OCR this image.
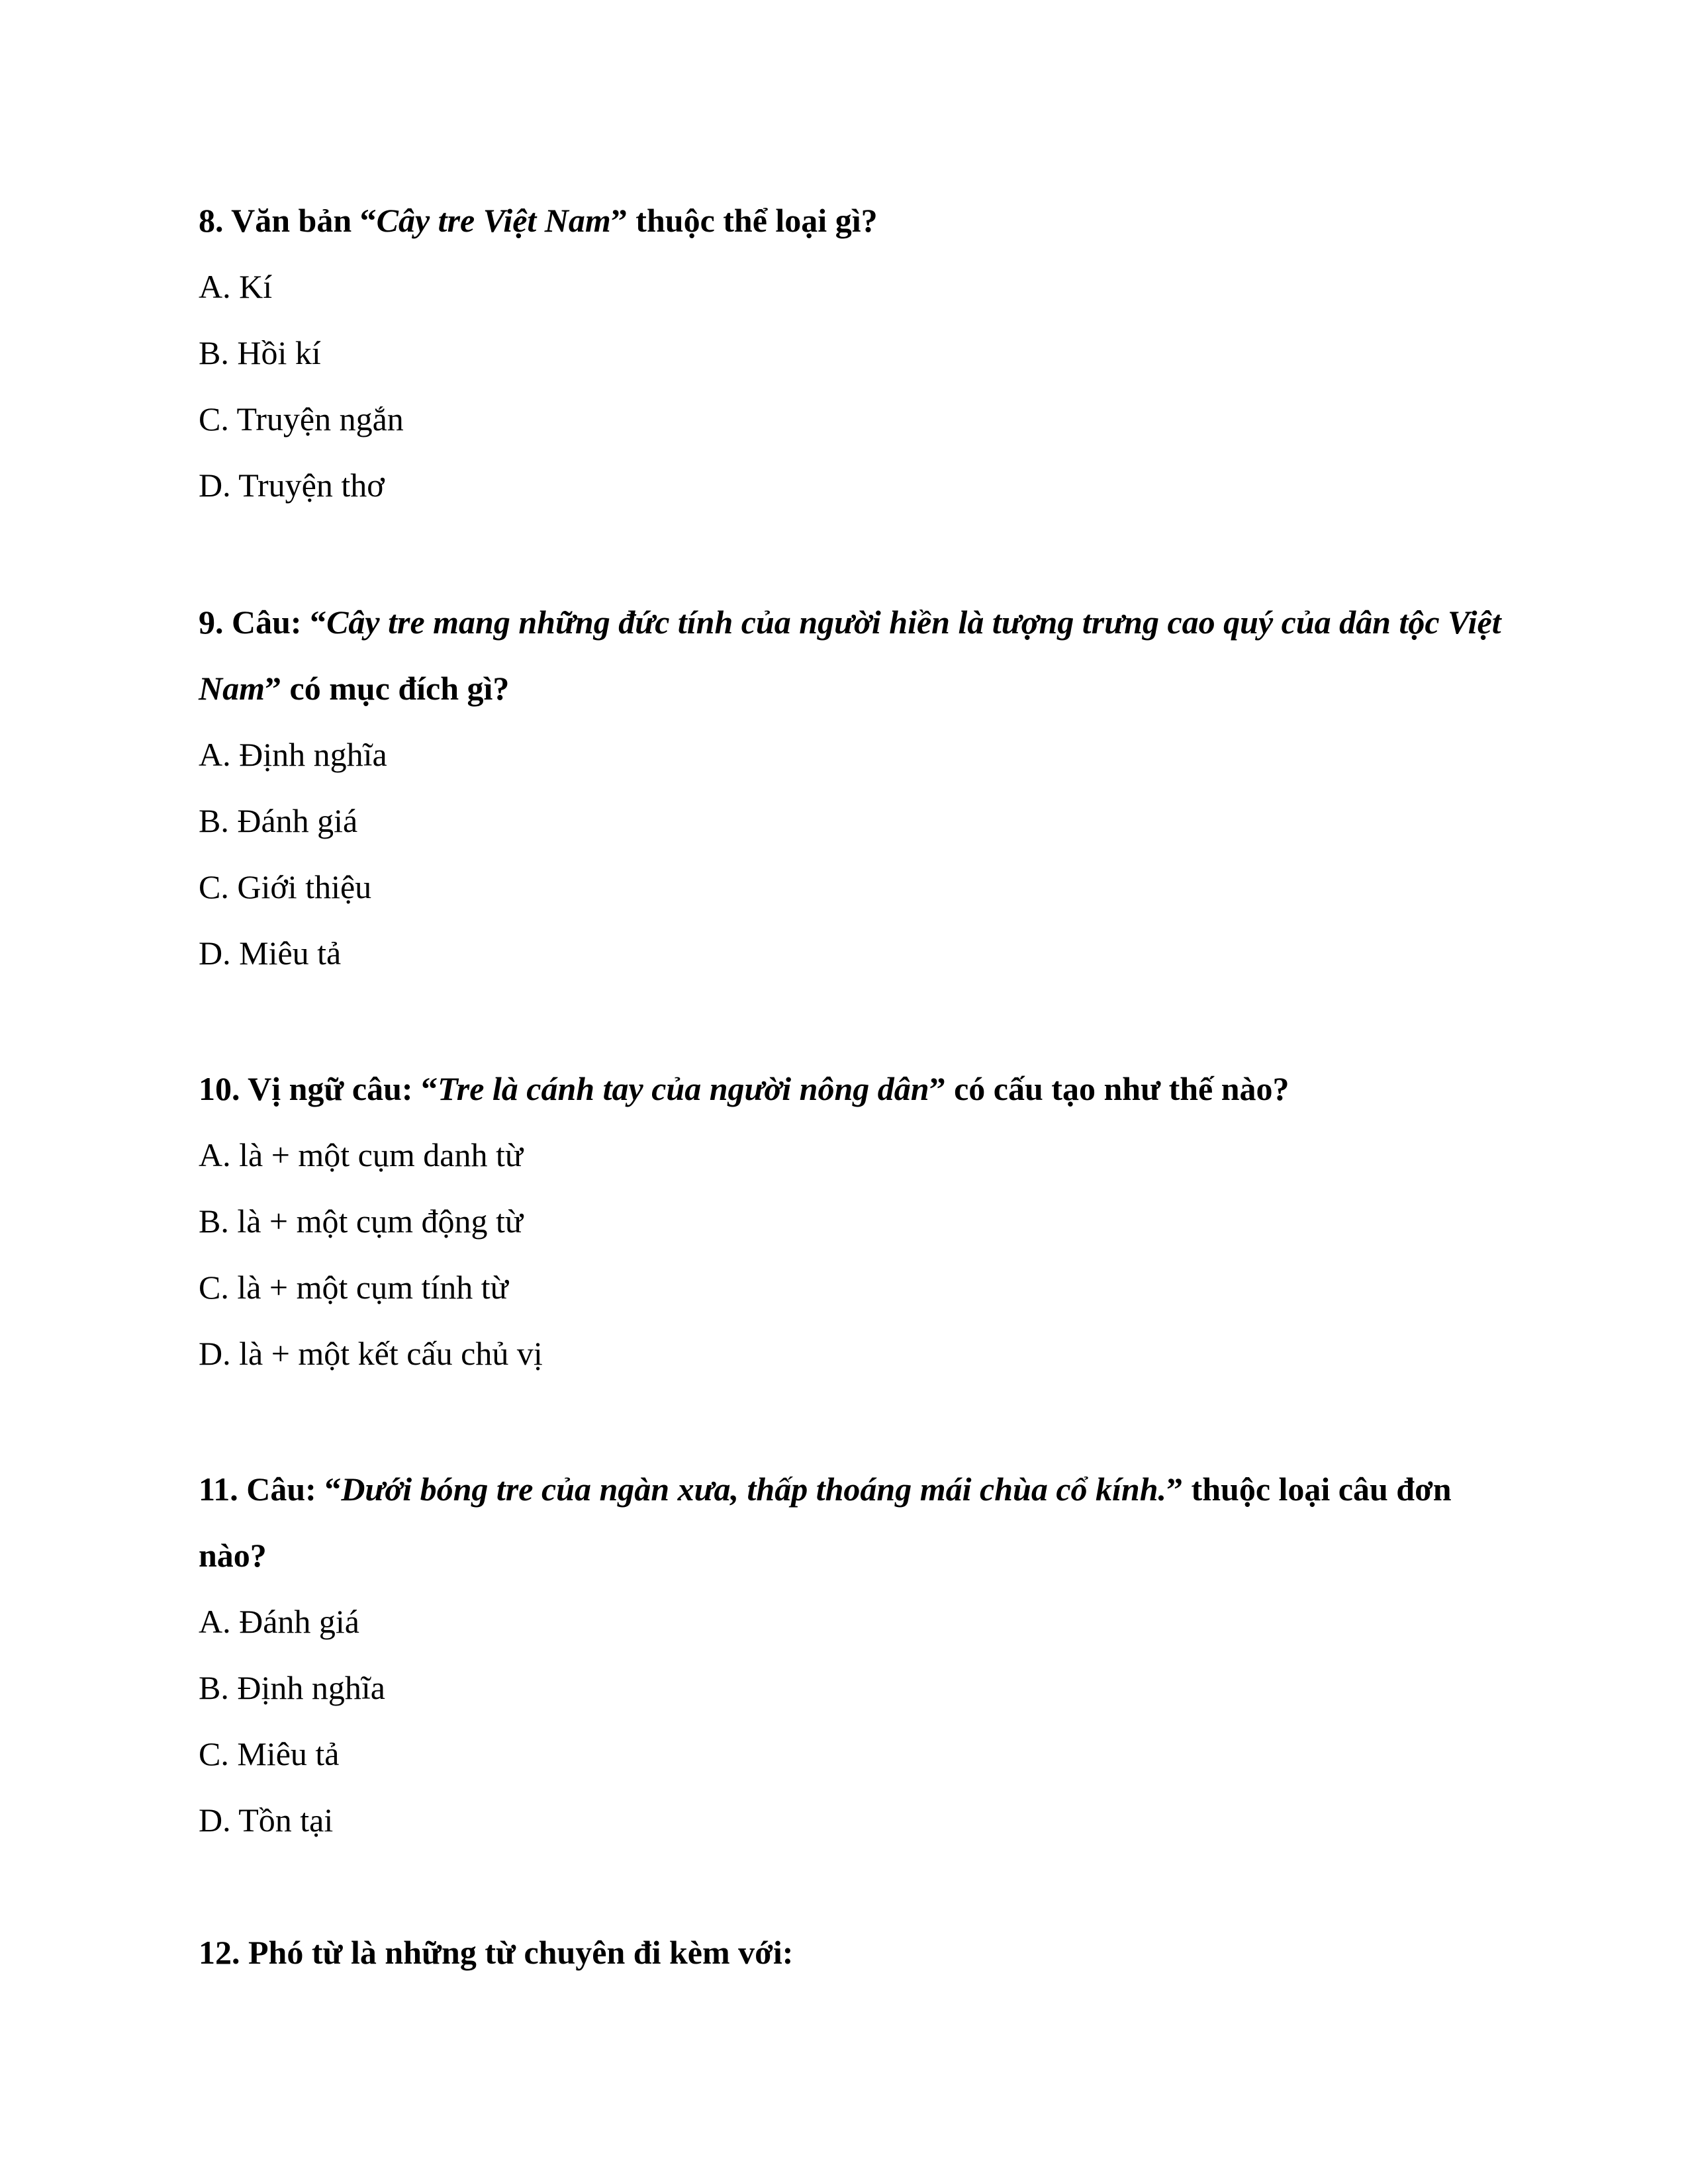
8. Văn bản “Cây tre Việt Nam” thuộc thể loại gì?

A. Kí

B. Hồi kí

C. Truyện ngắn

D. Truyện thơ

9. Câu: “Cây tre mang những đức tính của người hiền là tượng trưng cao quý của dân tộc Việt Nam” có mục đích gì?

A. Định nghĩa

B. Đánh giá

C. Giới thiệu

D. Miêu tả

10. Vị ngữ câu: “Tre là cánh tay của người nông dân” có cấu tạo như thế nào?

A. là + một cụm danh từ

B. là + một cụm động từ

C. là + một cụm tính từ

D. là + một kết cấu chủ vị

11. Câu: “Dưới bóng tre của ngàn xưa, thấp thoáng mái chùa cổ kính.” thuộc loại câu đơn nào?

A. Đánh giá

B. Định nghĩa

C. Miêu tả

D. Tồn tại

12. Phó từ là những từ chuyên đi kèm với:
